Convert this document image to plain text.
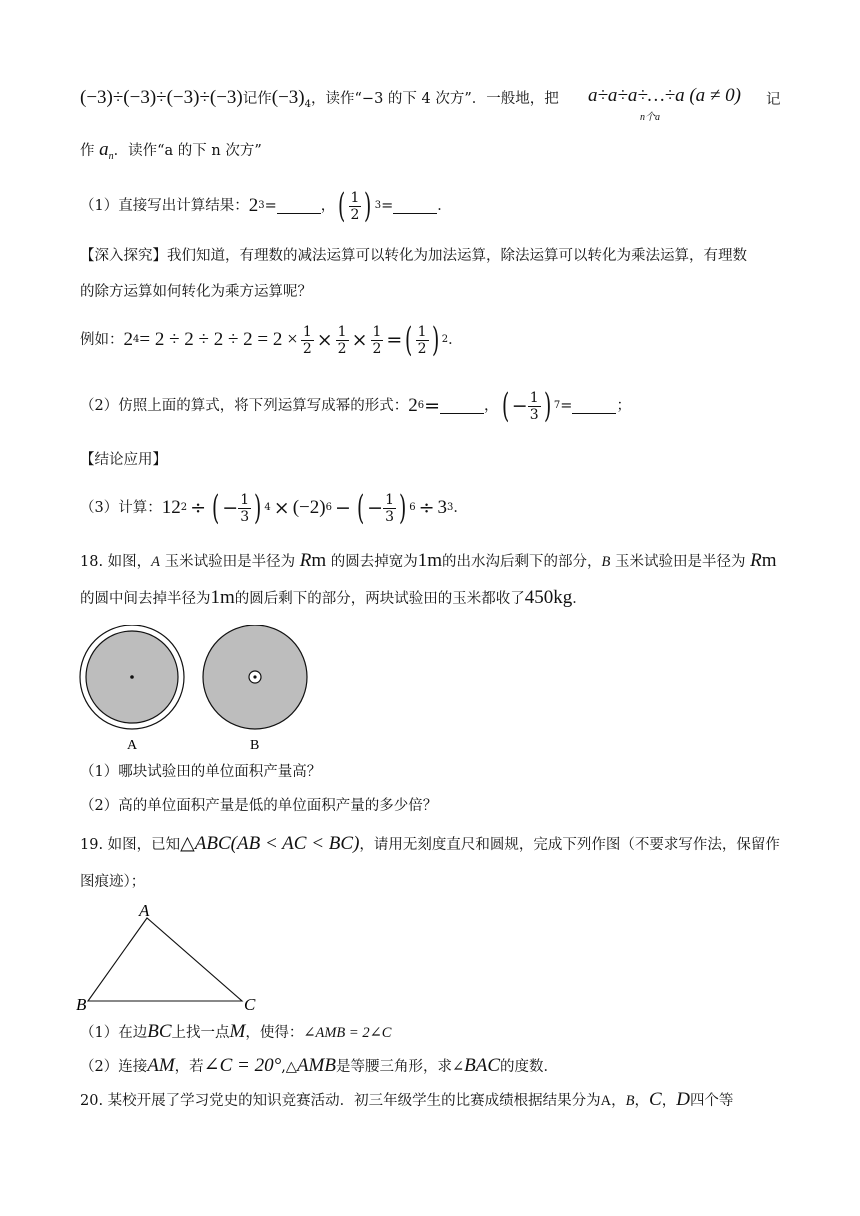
(−3)÷(−3)÷(−3)÷(−3)记作$(-3)_4$，读作“−3 的下 4 次方”．一般地，把 a÷a÷a÷…÷a (a ≠ 0)
n个a
记
作 $a_n$．读作“a 的下 n 次方”
（1）直接写出计算结果： 2 3 =	， ( $\frac{1}{2}$ ) 3 =	．
【深入探究】我们知道，有理数的减法运算可以转化为加法运算，除法运算可以转化为乘法运算，有理数
的除方运算如何转化为乘方运算呢？
例如： 2 $4 = 2 \div 2 \div 2 \div 2 = 2 \times \frac{1}{2} \times \frac{1}{2} \times \frac{1}{2}$ = ( $\frac{1}{2}$ ) 2 ．
（2）仿照上面的算式，将下列运算写成幂的形式： 2 6 =	， ( − $\frac{1}{3}$ ) 7 =	；
【结论应用】
（3）计算： 12 2 ÷ ( − $\frac{1}{3}$ ) 4 × (−2) 6 − ( − $\frac{1}{3}$ ) 6 ÷ 3 3 ．
18. 如图，A 玉米试验田是半径为 Rm 的圆去掉宽为1m的出水沟后剩下的部分，B 玉米试验田是半径为 Rm
的圆中间去掉半径为1m的圆后剩下的部分，两块试验田的玉米都收了450kg．
A	B
（1）哪块试验田的单位面积产量高？
（2）高的单位面积产量是低的单位面积产量的多少倍？
19. 如图，已知△ABC(AB < AC < BC)，请用无刻度直尺和圆规，完成下列作图（不要求写作法，保留作
图痕迹）；
A
B	C
（1）在边BC上找一点M，使得：∠AMB = 2∠C
（2）连接AM，若∠C = 20°,△AMB是等腰三角形，求∠BAC的度数．
20. 某校开展了学习党史的知识竞赛活动．初三年级学生的比赛成绩根据结果分为A，B，C，D四个等
